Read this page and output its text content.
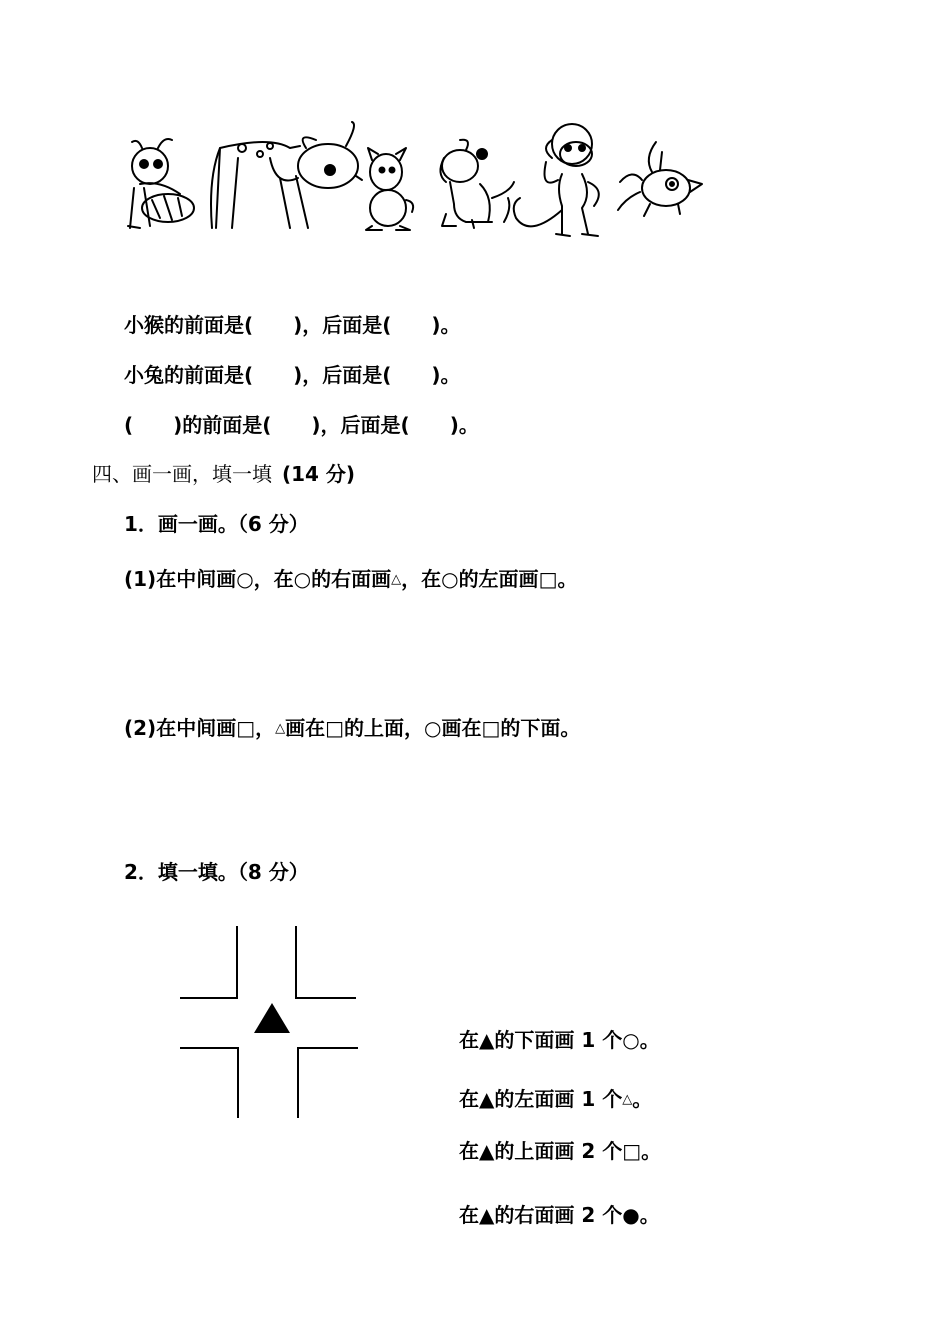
小猴的前面是(　　)，后面是(　　)。
小兔的前面是(　　)，后面是(　　)。
(　　)的前面是(　　)，后面是(　　)。
四、画一画，填一填 (14 分)
1．画一画。（6 分）
(1)在中间画○，在○的右面画△，在○的左面画□。
(2)在中间画□，△画在□的上面，○画在□的下面。
2．填一填。（8 分）
在▲的下面画 1 个○。
在▲的左面画 1 个△。
在▲的上面画 2 个□。
在▲的右面画 2 个●。
